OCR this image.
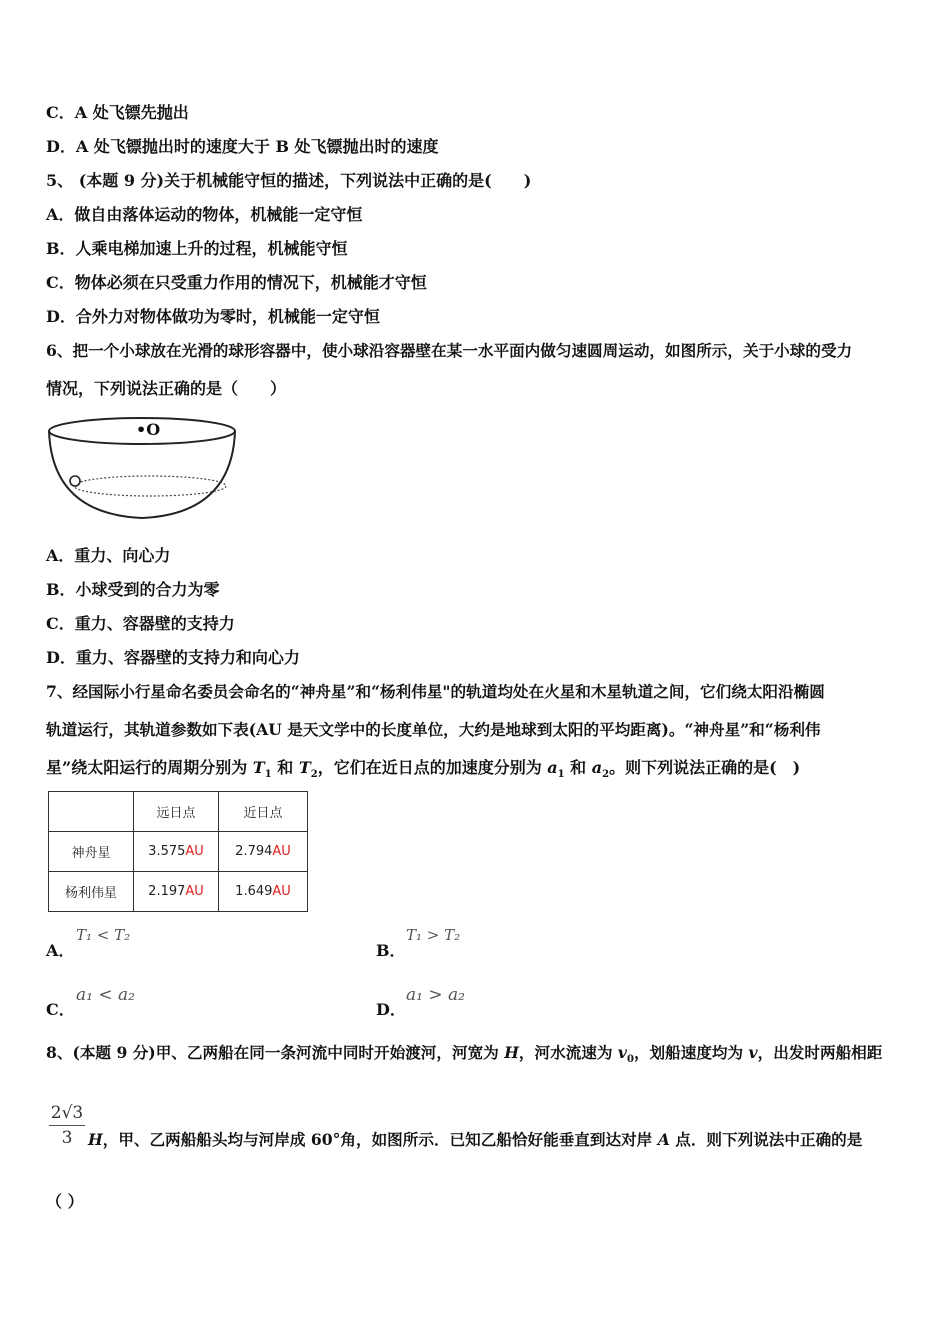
C．A 处飞镖先抛出
D．A 处飞镖抛出时的速度大于 B 处飞镖抛出时的速度
5、 (本题 9 分)关于机械能守恒的描述，下列说法中正确的是(　　)
A．做自由落体运动的物体，机械能一定守恒
B．人乘电梯加速上升的过程，机械能守恒
C．物体必须在只受重力作用的情况下，机械能才守恒
D．合外力对物体做功为零时，机械能一定守恒
6、把一个小球放在光滑的球形容器中，使小球沿容器壁在某一水平面内做匀速圆周运动，如图所示，关于小球的受力
情况，下列说法正确的是（　　）
•O
A．重力、向心力
B．小球受到的合力为零
C．重力、容器壁的支持力
D．重力、容器壁的支持力和向心力
7、经国际小行星命名委员会命名的“神舟星”和“杨利伟星"的轨道均处在火星和木星轨道之间，它们绕太阳沿椭圆
轨道运行，其轨道参数如下表(AU 是天文学中的长度单位，大约是地球到太阳的平均距离)。“神舟星”和“杨利伟
星”绕太阳运行的周期分别为 $T_1$ 和 $T_2$，它们在近日点的加速度分别为 $a_1$ 和 $a_2$。则下列说法正确的是(　)
	远日点	近日点
神舟星	3.575AU	2.794AU
杨利伟星	2.197AU	1.649AU
A．
T₁ < T₂
B．
T₁ > T₂
C．
a₁ < a₂
D．
a₁ > a₂
8、(本题 9 分)甲、乙两船在同一条河流中同时开始渡河，河宽为 H，河水流速为 $v_0$，划船速度均为 v，出发时两船相距
2√3
3 H，甲、乙两船船头均与河岸成 60°角，如图所示．已知乙船恰好能垂直到达对岸 A 点．则下列说法中正确的是
（ ）
